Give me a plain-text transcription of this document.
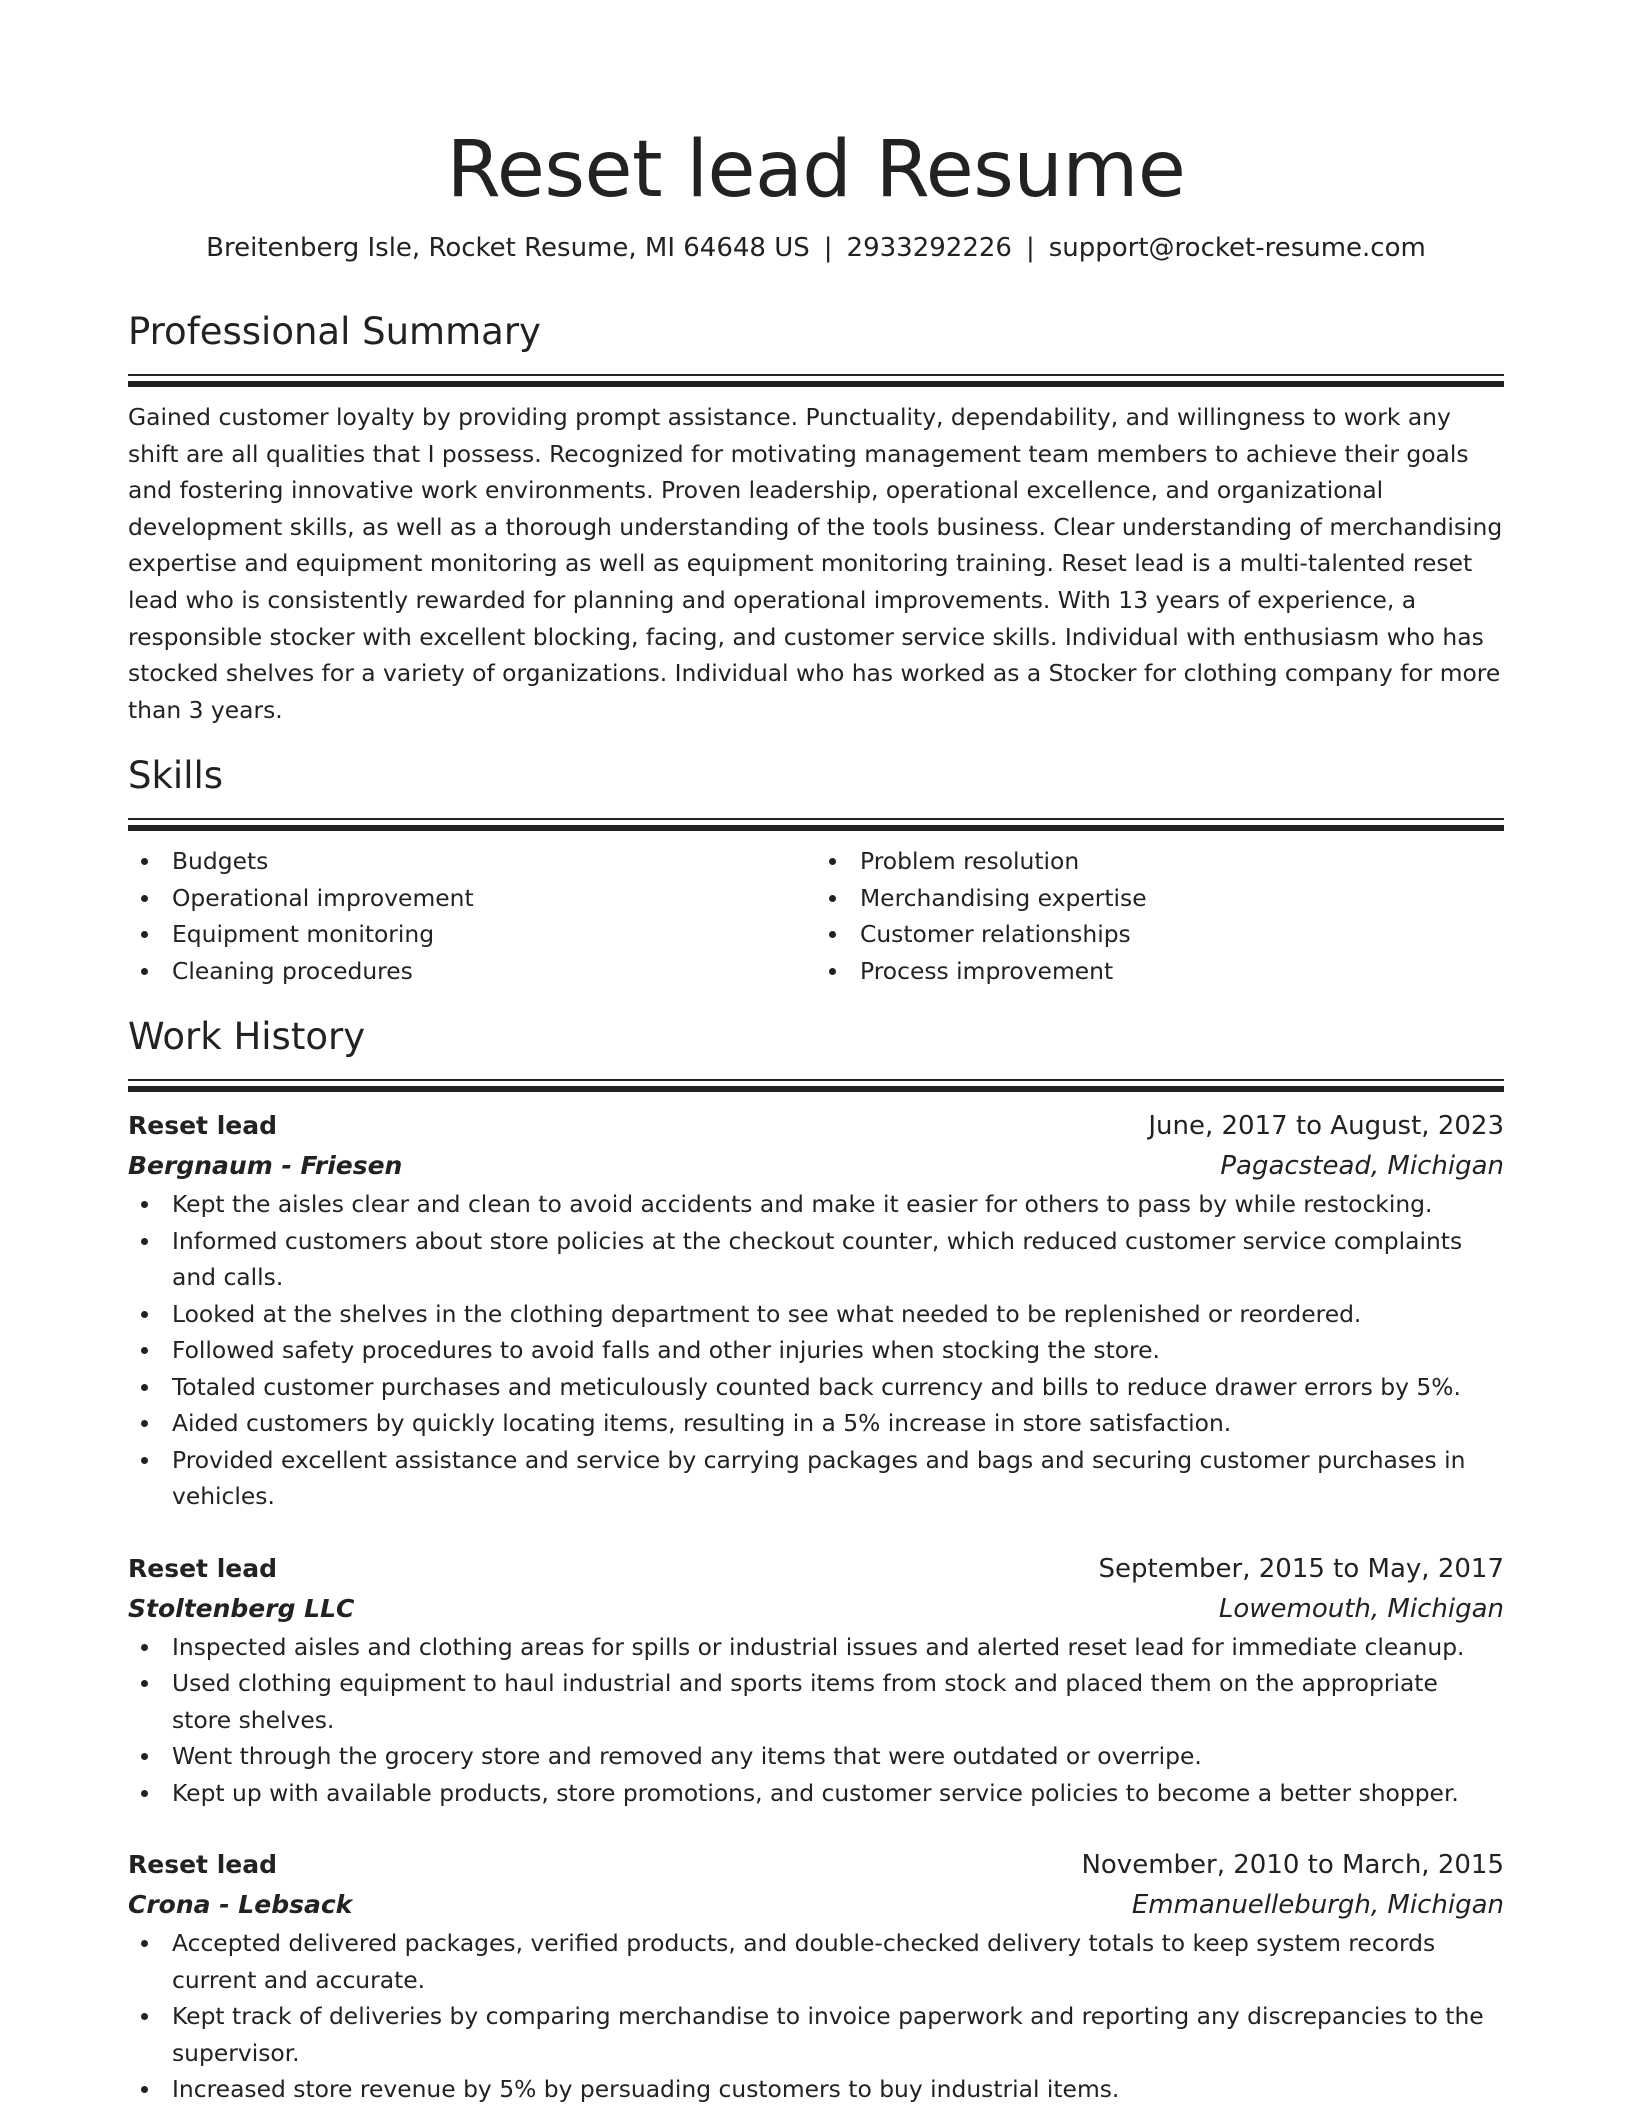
Reset lead Resume
Breitenberg Isle, Rocket Resume, MI 64648 US | 2933292226 | support@rocket-resume.com
Professional Summary

Gained customer loyalty by providing prompt assistance. Punctuality, dependability, and willingness to work any shift are all qualities that I possess. Recognized for motivating management team members to achieve their goals and fostering innovative work environments. Proven leadership, operational excellence, and organizational development skills, as well as a thorough understanding of the tools business. Clear understanding of merchandising expertise and equipment monitoring as well as equipment monitoring training. Reset lead is a multi-talented reset lead who is consistently rewarded for planning and operational improvements. With 13 years of experience, a responsible stocker with excellent blocking, facing, and customer service skills. Individual with enthusiasm who has stocked shelves for a variety of organizations. Individual who has worked as a Stocker for clothing company for more than 3 years.

Skills
Budgets
Operational improvement
Equipment monitoring
Cleaning procedures
Problem resolution
Merchandising expertise
Customer relationships
Process improvement
Work History
Reset lead	June, 2017 to August, 2023
Bergnaum - Friesen	Pagacstead, Michigan
Kept the aisles clear and clean to avoid accidents and make it easier for others to pass by while restocking.
Informed customers about store policies at the checkout counter, which reduced customer service complaints and calls.
Looked at the shelves in the clothing department to see what needed to be replenished or reordered.
Followed safety procedures to avoid falls and other injuries when stocking the store.
Totaled customer purchases and meticulously counted back currency and bills to reduce drawer errors by 5%.
Aided customers by quickly locating items, resulting in a 5% increase in store satisfaction.
Provided excellent assistance and service by carrying packages and bags and securing customer purchases in vehicles.
Reset lead	September, 2015 to May, 2017
Stoltenberg LLC	Lowemouth, Michigan
Inspected aisles and clothing areas for spills or industrial issues and alerted reset lead for immediate cleanup.
Used clothing equipment to haul industrial and sports items from stock and placed them on the appropriate store shelves.
Went through the grocery store and removed any items that were outdated or overripe.
Kept up with available products, store promotions, and customer service policies to become a better shopper.
Reset lead	November, 2010 to March, 2015
Crona - Lebsack	Emmanuelleburgh, Michigan
Accepted delivered packages, verified products, and double-checked delivery totals to keep system records current and accurate.
Kept track of deliveries by comparing merchandise to invoice paperwork and reporting any discrepancies to the supervisor.
Increased store revenue by 5% by persuading customers to buy industrial items.
